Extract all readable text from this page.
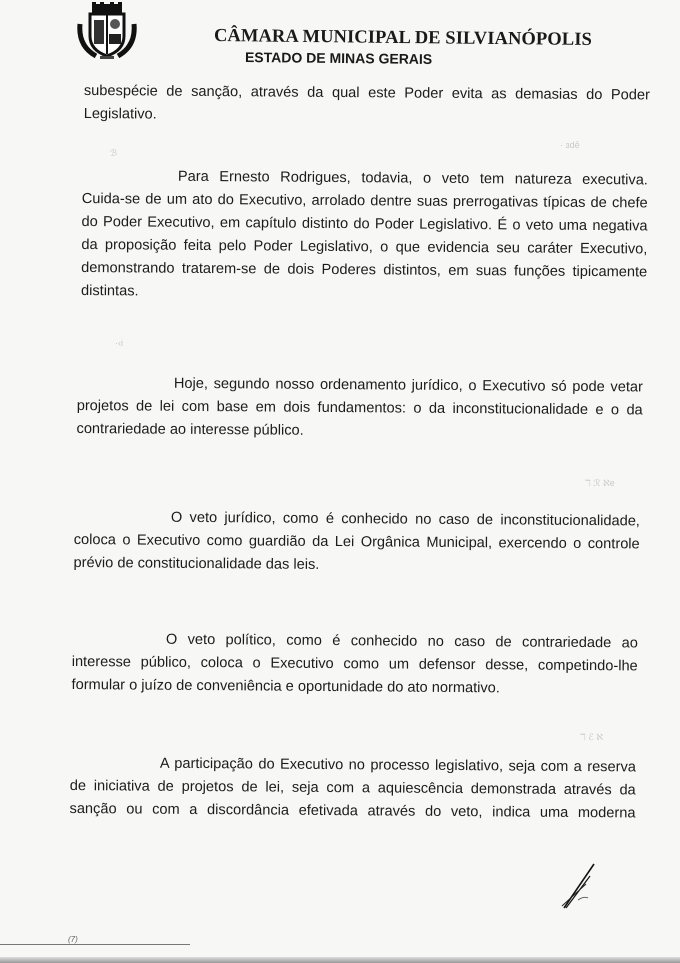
CÂMARA MUNICIPAL DE SILVIANÓPOLIS
ESTADO DE MINAS GERAIS
subespécie de sanção, através da qual este Poder evita as demasias do Poder
Legislativo.
Para Ernesto Rodrigues, todavia, o veto tem natureza executiva.
Cuida-se de um ato do Executivo, arrolado dentre suas prerrogativas típicas de chefe
do Poder Executivo, em capítulo distinto do Poder Legislativo. É o veto uma negativa
da proposição feita pelo Poder Legislativo, o que evidencia seu caráter Executivo,
demonstrando tratarem-se de dois Poderes distintos, em suas funções tipicamente
distintas.
Hoje, segundo nosso ordenamento jurídico, o Executivo só pode vetar
projetos de lei com base em dois fundamentos: o da inconstitucionalidade e o da
contrariedade ao interesse público.
O veto jurídico, como é conhecido no caso de inconstitucionalidade,
coloca o Executivo como guardião da Lei Orgânica Municipal, exercendo o controle
prévio de constitucionalidade das leis.
O veto político, como é conhecido no caso de contrariedade ao
interesse público, coloca o Executivo como um defensor desse, competindo-lhe
formular o juízo de conveniência e oportunidade do ato normativo.
A participação do Executivo no processo legislativo, seja com a reserva
de iniciativa de projetos de lei, seja com a aquiescência demonstrada através da
sanção ou com a discordância efetivada através do veto, indica uma moderna
· ɜdē
ℬ
·‹i
ℸ ℛ ℵe
ℸ ℰ ℵ
(7)
